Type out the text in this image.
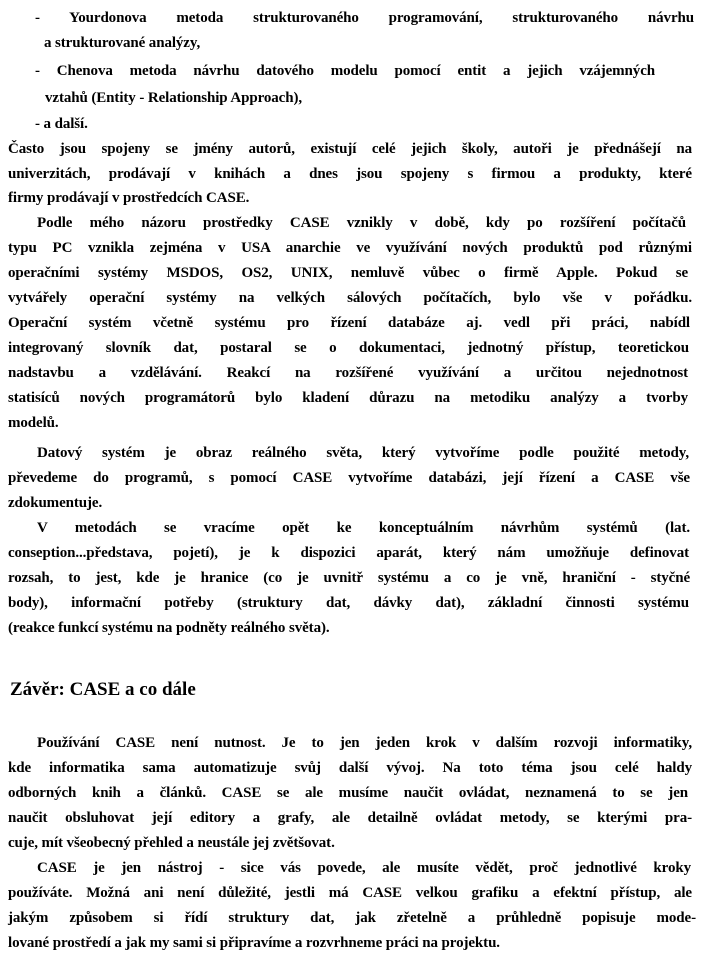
- Yourdonova metoda strukturovaného programování, strukturovaného návrhu
a strukturované analýzy,
- Chenova metoda návrhu datového modelu pomocí entit a jejich vzájemných
vztahů (Entity - Relationship Approach),
- a další.
Často jsou spojeny se jmény autorů, existují celé jejich školy, autoři je přednášejí na
univerzitách, prodávají v knihách a dnes jsou spojeny s firmou a produkty, které
firmy prodávají v prostředcích CASE.
Podle mého názoru prostředky CASE vznikly v době, kdy po rozšíření počítačů
typu PC vznikla zejména v USA anarchie ve využívání nových produktů pod různými
operačními systémy MSDOS, OS2, UNIX, nemluvě vůbec o firmě Apple. Pokud se
vytvářely operační systémy na velkých sálových počítačích, bylo vše v pořádku.
Operační systém včetně systému pro řízení databáze aj. vedl při práci, nabídl
integrovaný slovník dat, postaral se o dokumentaci, jednotný přístup, teoretickou
nadstavbu a vzdělávání. Reakcí na rozšířené využívání a určitou nejednotnost
statisíců nových programátorů bylo kladení důrazu na metodiku analýzy a tvorby
modelů.
Datový systém je obraz reálného světa, který vytvoříme podle použité metody,
převedeme do programů, s pomocí CASE vytvoříme databázi, její řízení a CASE vše
zdokumentuje.
V metodách se vracíme opět ke konceptuálním návrhům systémů (lat.
conseption...představa, pojetí), je k dispozici aparát, který nám umožňuje definovat
rozsah, to jest, kde je hranice (co je uvnitř systému a co je vně, hraniční - styčné
body), informační potřeby (struktury dat, dávky dat), základní činnosti systému
(reakce funkcí systému na podněty reálného světa).
Závěr: CASE a co dále
Používání CASE není nutnost. Je to jen jeden krok v dalším rozvoji informatiky,
kde informatika sama automatizuje svůj další vývoj. Na toto téma jsou celé haldy
odborných knih a článků. CASE se ale musíme naučit ovládat, neznamená to se jen
naučit obsluhovat její editory a grafy, ale detailně ovládat metody, se kterými pra-
cuje, mít všeobecný přehled a neustále jej zvětšovat.
CASE je jen nástroj - sice vás povede, ale musíte vědět, proč jednotlivé kroky
používáte. Možná ani není důležité, jestli má CASE velkou grafiku a efektní přístup, ale
jakým způsobem si řídí struktury dat, jak zřetelně a průhledně popisuje mode-
lované prostředí a jak my sami si připravíme a rozvrhneme práci na projektu.
